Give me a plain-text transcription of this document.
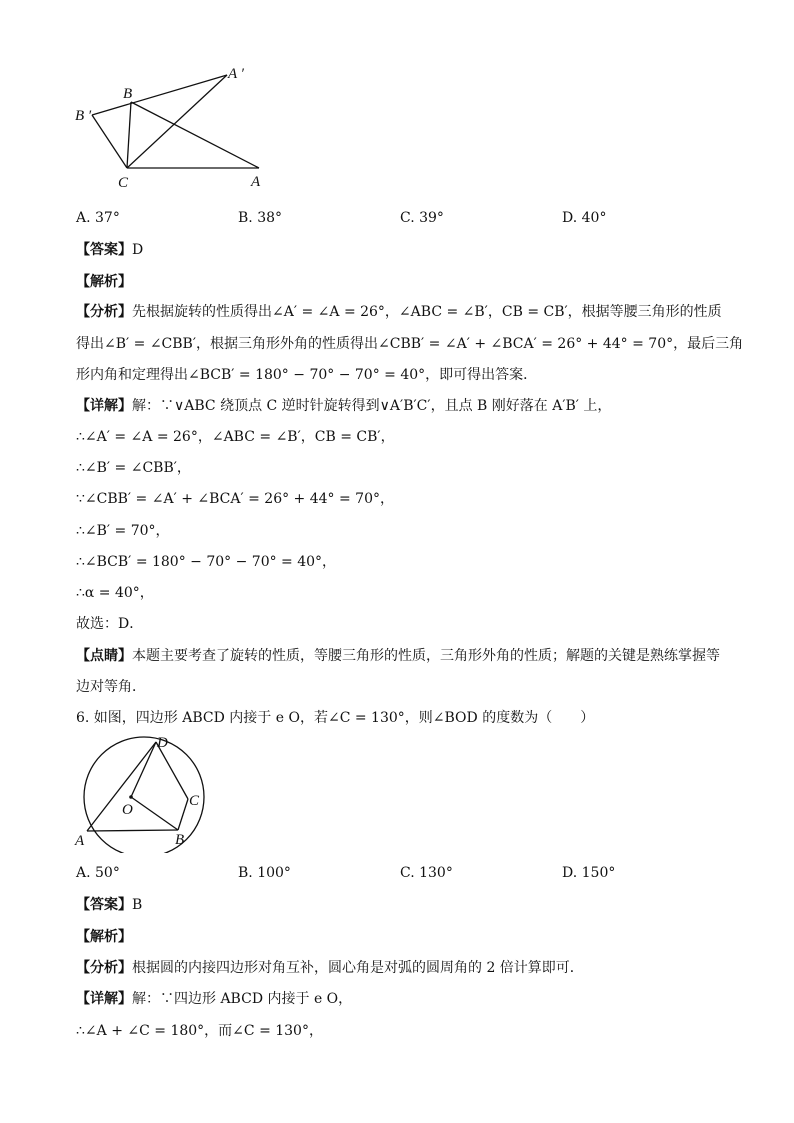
A ′
B
B ′
C	A
A. 37°	B. 38°	C. 39°	D. 40°
【答案】D
【解析】
【分析】先根据旋转的性质得出∠A′ = ∠A = 26°，∠ABC = ∠B′，CB = CB′，根据等腰三角形的性质
得出∠B′ = ∠CBB′，根据三角形外角的性质得出∠CBB′ = ∠A′ + ∠BCA′ = 26° + 44° = 70°，最后三角
形内角和定理得出∠BCB′ = 180° − 70° − 70° = 40°，即可得出答案．
【详解】解：∵∨ABC 绕顶点 C 逆时针旋转得到∨A′B′C′，且点 B 刚好落在 A′B′ 上，
∴∠A′ = ∠A = 26°，∠ABC = ∠B′，CB = CB′，
∴∠B′ = ∠CBB′，
∵∠CBB′ = ∠A′ + ∠BCA′ = 26° + 44° = 70°，
∴∠B′ = 70°，
∴∠BCB′ = 180° − 70° − 70° = 40°，
∴α = 40°，
故选：D．
【点睛】本题主要考查了旋转的性质，等腰三角形的性质，三角形外角的性质；解题的关键是熟练掌握等
边对等角．
6. 如图，四边形 ABCD 内接于 e O，若∠C = 130°，则∠BOD 的度数为（　　）
D
O
C
A	B
A. 50°	B. 100°	C. 130°	D. 150°
【答案】B
【解析】
【分析】根据圆的内接四边形对角互补，圆心角是对弧的圆周角的 2 倍计算即可．
【详解】解：∵四边形 ABCD 内接于 e O，
∴∠A + ∠C = 180°，而∠C = 130°，
